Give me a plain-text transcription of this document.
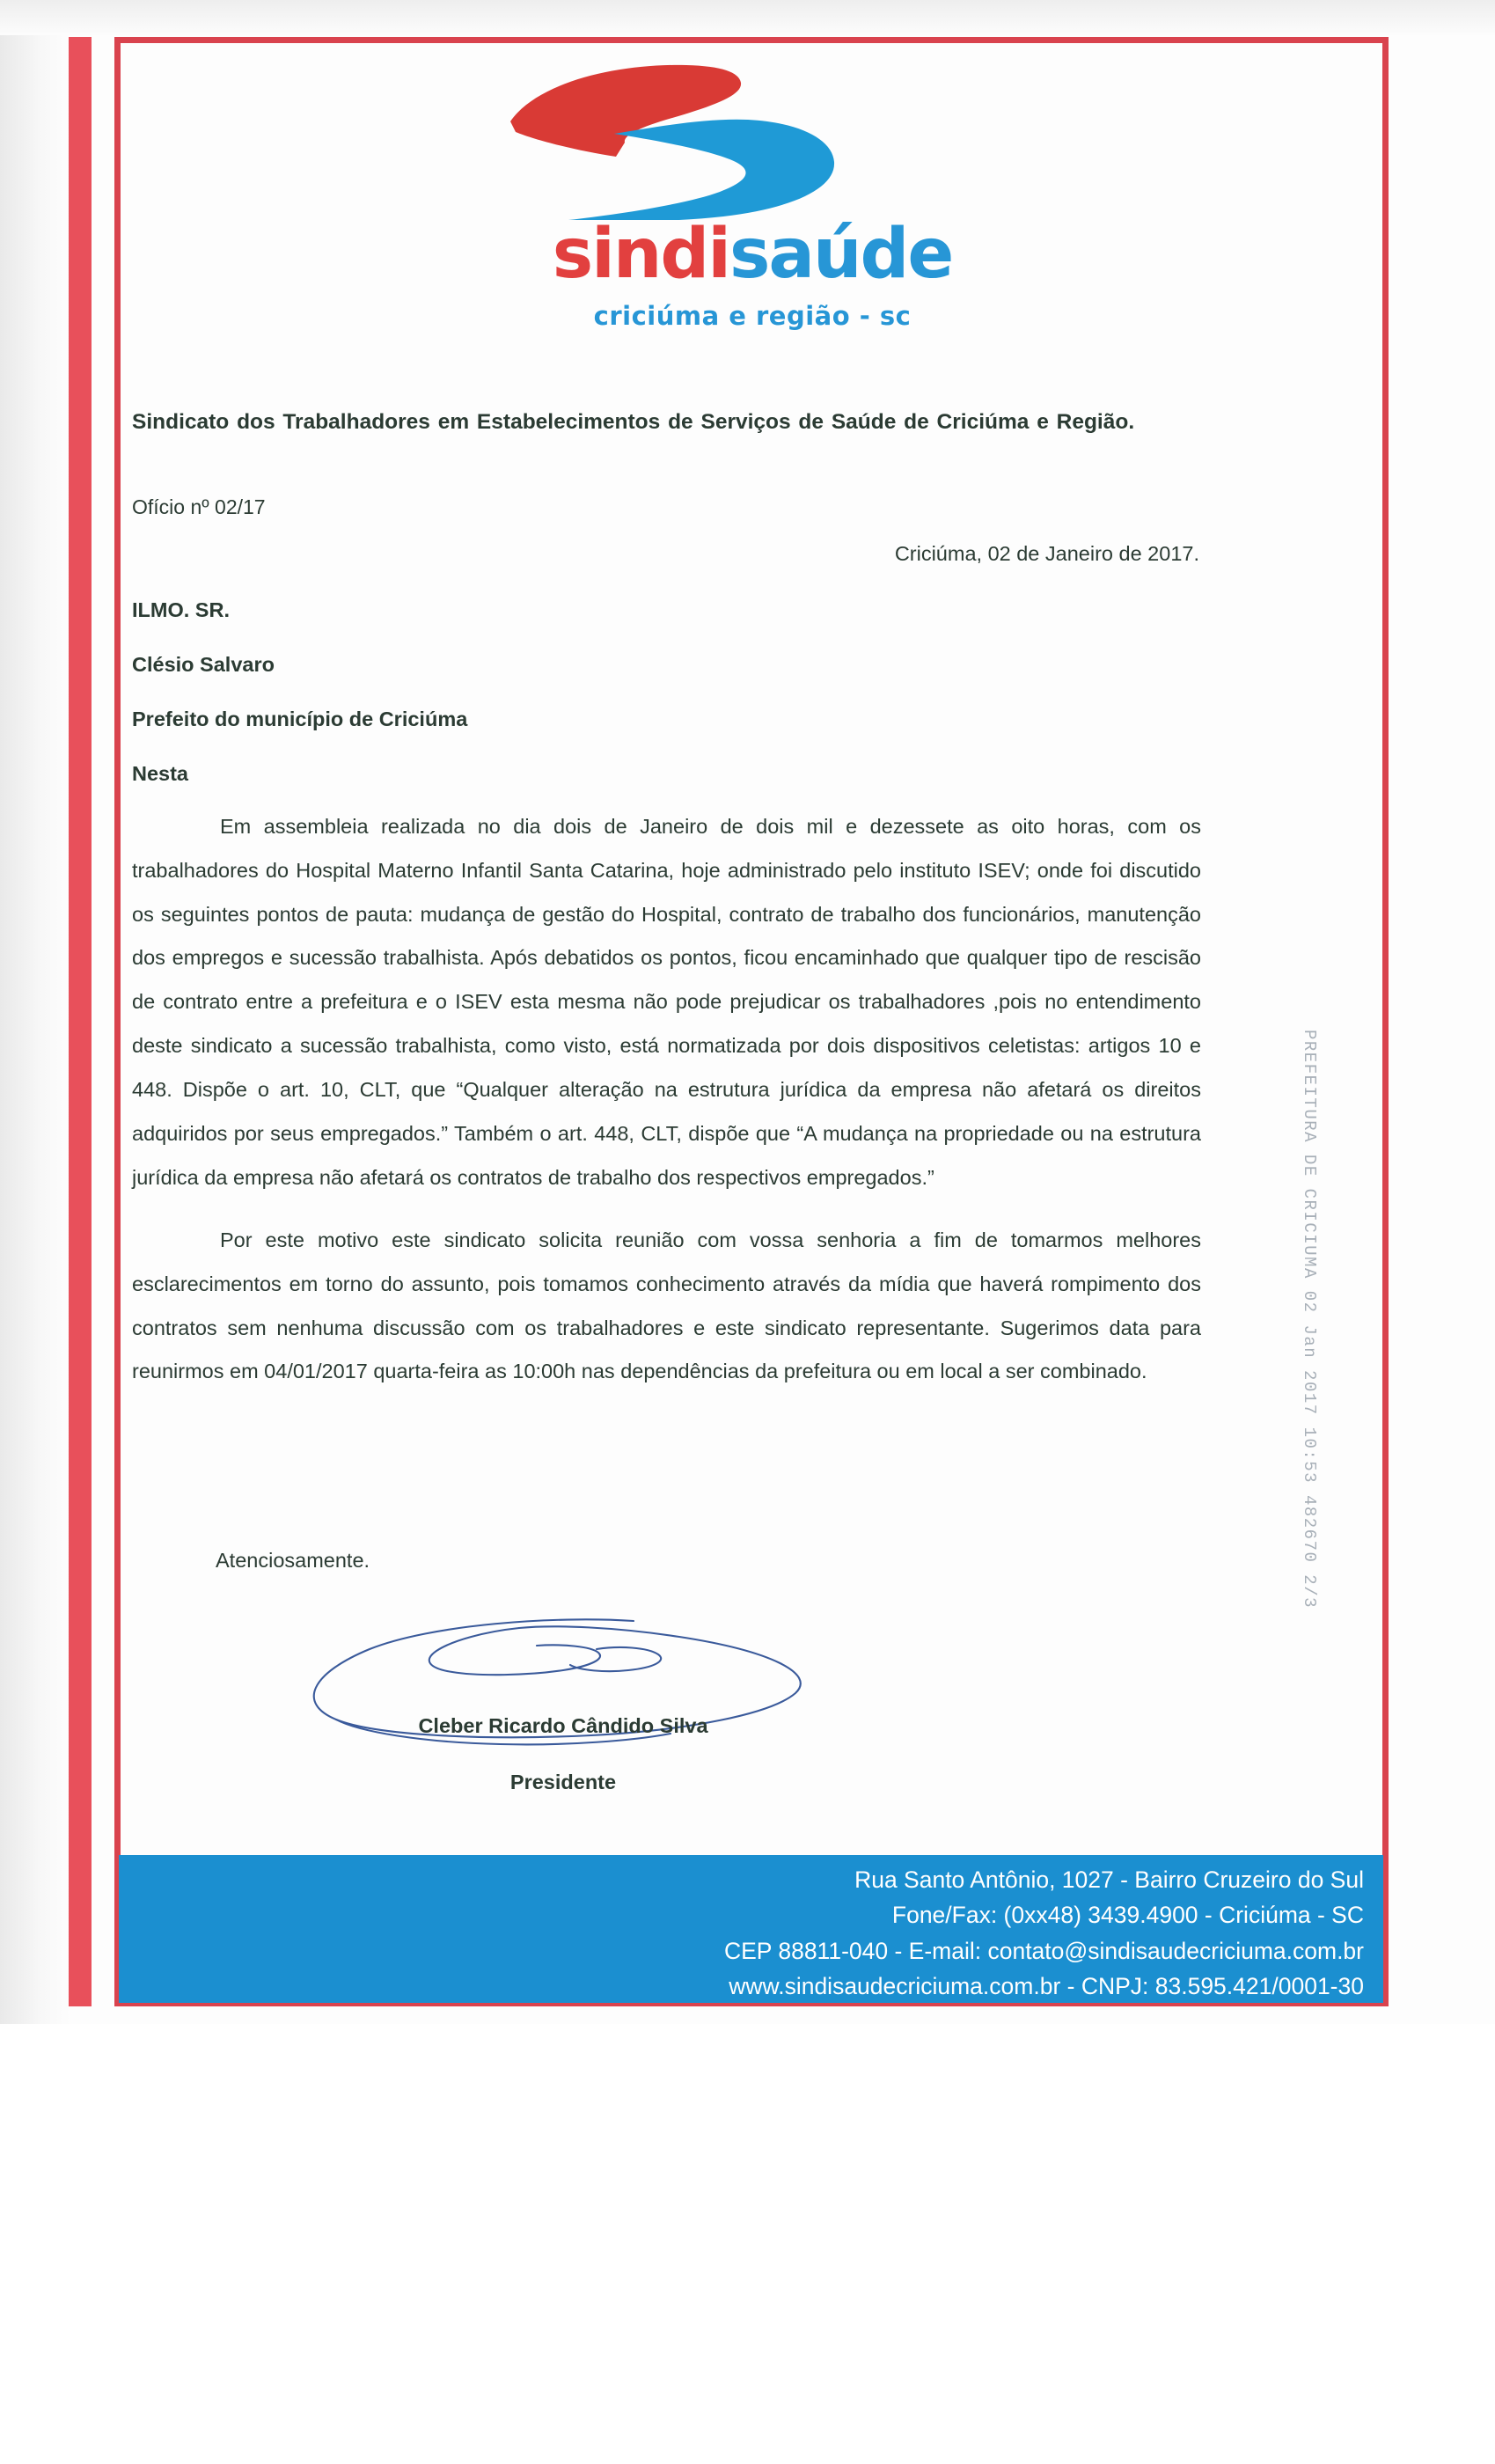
sindisaúde
criciúma e região - sc
Sindicato dos Trabalhadores em Estabelecimentos de Serviços de Saúde de Criciúma e Região.
Ofício nº 02/17
Criciúma, 02 de Janeiro de 2017.
ILMO. SR.
Clésio Salvaro
Prefeito do município de Criciúma
Nesta
Em assembleia realizada no dia dois de Janeiro de dois mil e dezessete as oito horas, com os trabalhadores do Hospital Materno Infantil Santa Catarina, hoje administrado pelo instituto ISEV; onde foi discutido os seguintes pontos de pauta: mudança de gestão do Hospital, contrato de trabalho dos funcionários, manutenção dos empregos e sucessão trabalhista. Após debatidos os pontos, ficou encaminhado que qualquer tipo de rescisão de contrato entre a prefeitura e o ISEV esta mesma não pode prejudicar os trabalhadores ,pois no entendimento deste sindicato a sucessão trabalhista, como visto, está normatizada por dois dispositivos celetistas: artigos 10 e 448. Dispõe o art. 10, CLT, que “Qualquer alteração na estrutura jurídica da empresa não afetará os direitos adquiridos por seus empregados.” Também o art. 448, CLT, dispõe que “A mudança na propriedade ou na estrutura jurídica da empresa não afetará os contratos de trabalho dos respectivos empregados.”
Por este motivo este sindicato solicita reunião com vossa senhoria a fim de tomarmos melhores esclarecimentos em torno do assunto, pois tomamos conhecimento através da mídia que haverá rompimento dos contratos sem nenhuma discussão com os trabalhadores e este sindicato representante. Sugerimos data para reunirmos em 04/01/2017 quarta-feira as 10:00h nas dependências da prefeitura ou em local a ser combinado.
Atenciosamente.
Cleber Ricardo Cândido Silva
Presidente
PREFEITURA DE CRICIUMA 02 Jan 2017 10:53 482670 2/3
Rua Santo Antônio, 1027 - Bairro Cruzeiro do Sul
Fone/Fax: (0xx48) 3439.4900 - Criciúma - SC
CEP 88811-040 - E-mail: contato@sindisaudecriciuma.com.br
www.sindisaudecriciuma.com.br - CNPJ: 83.595.421/0001-30
